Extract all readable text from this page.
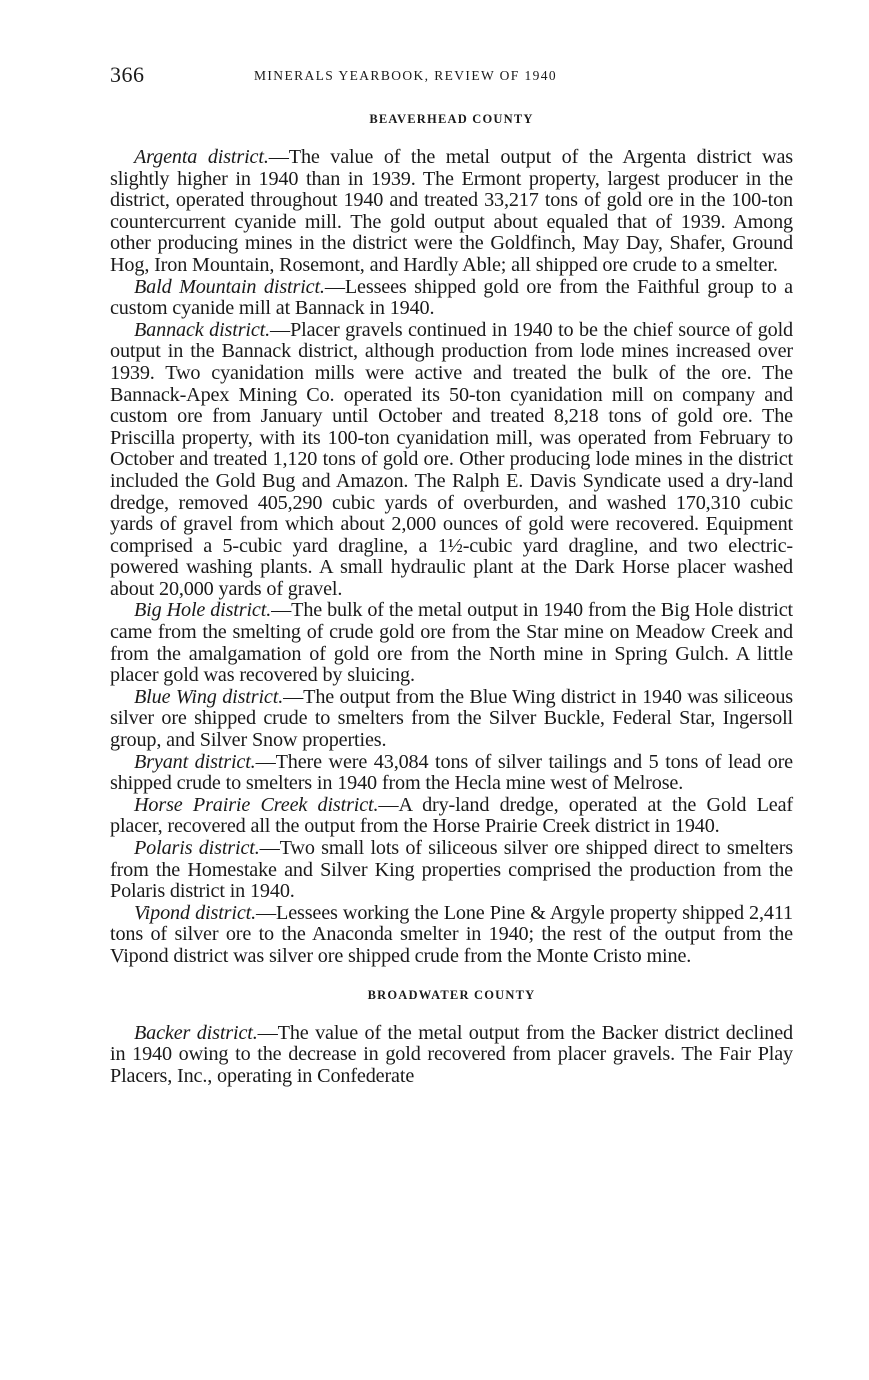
366	MINERALS YEARBOOK, REVIEW OF 1940
BEAVERHEAD COUNTY

Argenta district.—The value of the metal output of the Argenta district was slightly higher in 1940 than in 1939. The Ermont property, largest producer in the district, operated throughout 1940 and treated 33,217 tons of gold ore in the 100-ton countercurrent cyanide mill. The gold output about equaled that of 1939. Among other producing mines in the district were the Goldfinch, May Day, Shafer, Ground Hog, Iron Mountain, Rosemont, and Hardly Able; all shipped ore crude to a smelter.

Bald Mountain district.—Lessees shipped gold ore from the Faithful group to a custom cyanide mill at Bannack in 1940.

Bannack district.—Placer gravels continued in 1940 to be the chief source of gold output in the Bannack district, although production from lode mines increased over 1939. Two cyanidation mills were active and treated the bulk of the ore. The Bannack-Apex Mining Co. operated its 50-ton cyanidation mill on company and custom ore from January until October and treated 8,218 tons of gold ore. The Priscilla property, with its 100-ton cyanidation mill, was operated from February to October and treated 1,120 tons of gold ore. Other producing lode mines in the district included the Gold Bug and Amazon. The Ralph E. Davis Syndicate used a dry-land dredge, removed 405,290 cubic yards of overburden, and washed 170,310 cubic yards of gravel from which about 2,000 ounces of gold were recovered. Equipment comprised a 5-cubic yard dragline, a 1½-cubic yard dragline, and two electric-powered washing plants. A small hydraulic plant at the Dark Horse placer washed about 20,000 yards of gravel.

Big Hole district.—The bulk of the metal output in 1940 from the Big Hole district came from the smelting of crude gold ore from the Star mine on Meadow Creek and from the amalgamation of gold ore from the North mine in Spring Gulch. A little placer gold was recovered by sluicing.

Blue Wing district.—The output from the Blue Wing district in 1940 was siliceous silver ore shipped crude to smelters from the Silver Buckle, Federal Star, Ingersoll group, and Silver Snow properties.

Bryant district.—There were 43,084 tons of silver tailings and 5 tons of lead ore shipped crude to smelters in 1940 from the Hecla mine west of Melrose.

Horse Prairie Creek district.—A dry-land dredge, operated at the Gold Leaf placer, recovered all the output from the Horse Prairie Creek district in 1940.

Polaris district.—Two small lots of siliceous silver ore shipped direct to smelters from the Homestake and Silver King properties comprised the production from the Polaris district in 1940.

Vipond district.—Lessees working the Lone Pine & Argyle property shipped 2,411 tons of silver ore to the Anaconda smelter in 1940; the rest of the output from the Vipond district was silver ore shipped crude from the Monte Cristo mine.

BROADWATER COUNTY

Backer district.—The value of the metal output from the Backer district declined in 1940 owing to the decrease in gold recovered from placer gravels. The Fair Play Placers, Inc., operating in Confederate
